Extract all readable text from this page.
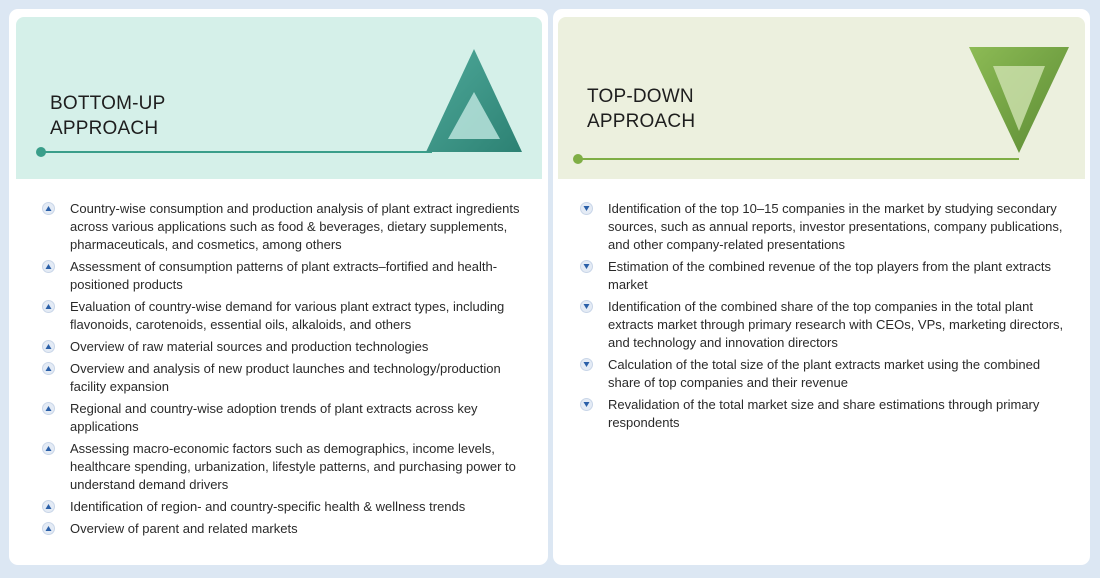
BOTTOM-UP
APPROACH
Country-wise consumption and production analysis of plant extract ingredients across various applications such as food & beverages, dietary supplements, pharmaceuticals, and cosmetics, among others
Assessment of consumption patterns of plant extracts–fortified and health-positioned products
Evaluation of country-wise demand for various plant extract types, including flavonoids, carotenoids, essential oils, alkaloids, and others
Overview of raw material sources and production technologies
Overview and analysis of new product launches and technology/production facility expansion
Regional and country-wise adoption trends of plant extracts across key applications
Assessing macro-economic factors such as demographics, income levels, healthcare spending, urbanization, lifestyle patterns, and purchasing power to understand demand drivers
Identification of region- and country-specific health & wellness trends
Overview of parent and related markets
TOP-DOWN
APPROACH
Identification of the top 10–15 companies in the market by studying secondary sources, such as annual reports, investor presentations, company publications, and other company-related presentations
Estimation of the combined revenue of the top players from the plant extracts market
Identification of the combined share of the top companies in the total plant extracts market through primary research with CEOs, VPs, marketing directors, and technology and innovation directors
Calculation of the total size of the plant extracts market using the combined share of top companies and their revenue
Revalidation of the total market size and share estimations through primary respondents
